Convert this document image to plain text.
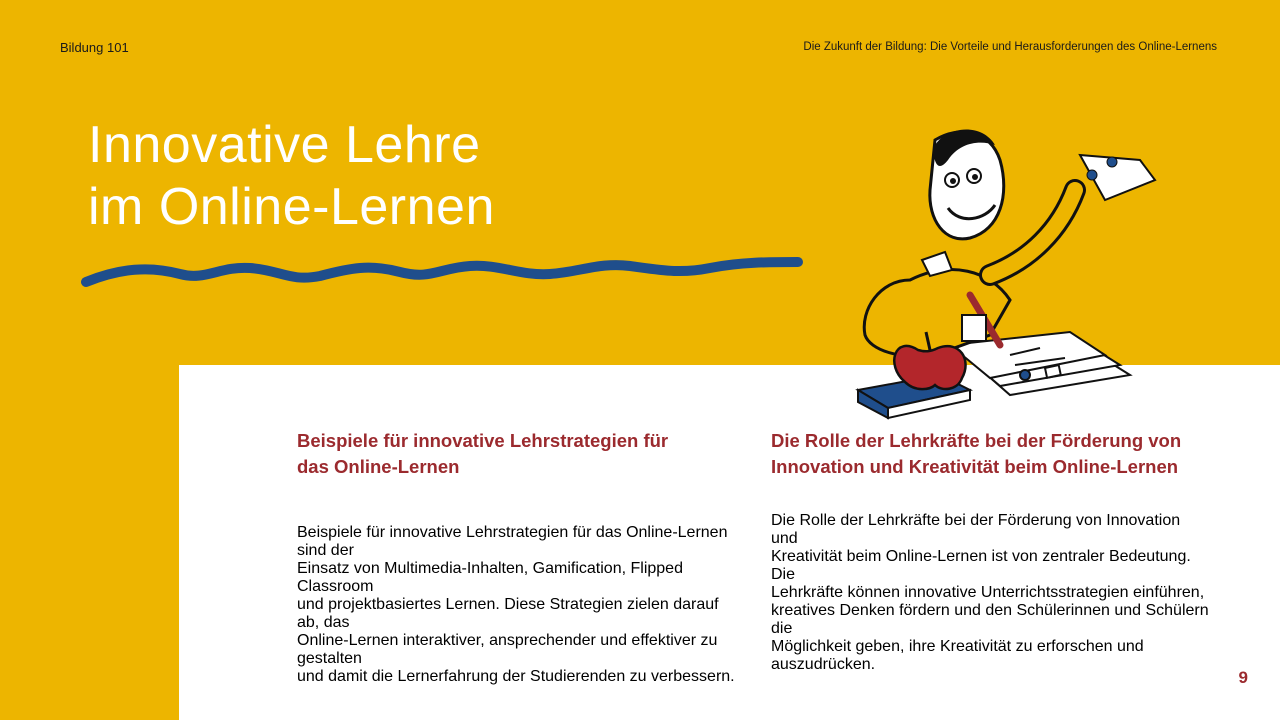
Bildung 101	Die Zukunft der Bildung: Die Vorteile und Herausforderungen des Online-Lernens
Innovative Lehre
im Online-Lernen
Beispiele für innovative Lehrstrategien für
das Online-Lernen

Beispiele für innovative Lehrstrategien für das Online-Lernen sind der
Einsatz von Multimedia-Inhalten, Gamification, Flipped Classroom
und projektbasiertes Lernen. Diese Strategien zielen darauf ab, das
Online-Lernen interaktiver, ansprechender und effektiver zu gestalten
und damit die Lernerfahrung der Studierenden zu verbessern.

Die Rolle der Lehrkräfte bei der Förderung von
Innovation und Kreativität beim Online-Lernen

Die Rolle der Lehrkräfte bei der Förderung von Innovation und
Kreativität beim Online-Lernen ist von zentraler Bedeutung. Die
Lehrkräfte können innovative Unterrichtsstrategien einführen,
kreatives Denken fördern und den Schülerinnen und Schülern die
Möglichkeit geben, ihre Kreativität zu erforschen und auszudrücken.

9
